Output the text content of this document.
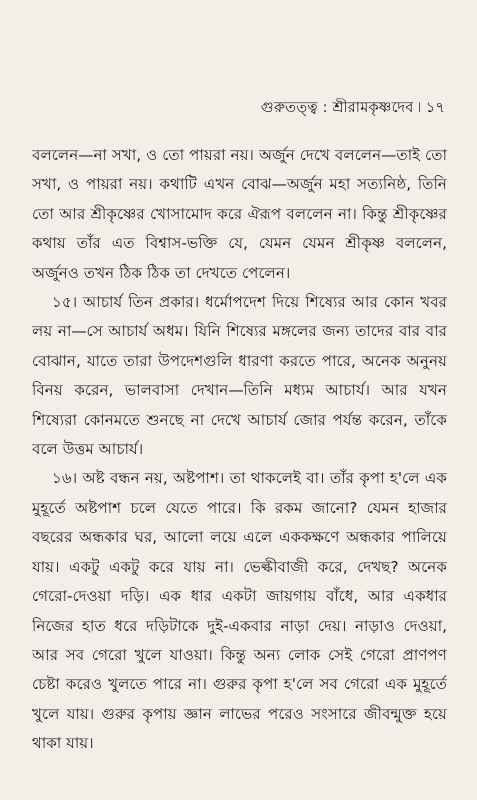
গুরুতত্ত্ব : শ্রীরামকৃষ্ণদেব ৷ ১৭

বললেন—না সখা, ও তো পায়রা নয়। অর্জুন দেখে বললেন—তাই তো সখা, ও পায়রা নয়। কথাটি এখন বোঝ—অর্জুন মহা সত্যনিষ্ঠ, তিনি তো আর শ্রীকৃষ্ণের খোসামোদ করে ঐরূপ বললেন না। কিন্তু শ্রীকৃষ্ণের কথায় তাঁর এত বিশ্বাস-ভক্তি যে, যেমন যেমন শ্রীকৃষ্ণ বললেন, অর্জুনও তখন ঠিক ঠিক তা দেখতে পেলেন।

১৫। আচার্য তিন প্রকার। ধর্মোপদেশ দিয়ে শিষ্যের আর কোন খবর লয় না—সে আচার্য অধম। যিনি শিষ্যের মঙ্গলের জন্য তাদের বার বার বোঝান, যাতে তারা উপদেশগুলি ধারণা করতে পারে, অনেক অনুনয় বিনয় করেন, ভালবাসা দেখান—তিনি মধ্যম আচার্য। আর যখন শিষ্যেরা কোনমতে শুনছে না দেখে আচার্য জোর পর্যন্ত করেন, তাঁকে বলে উত্তম আচার্য।

১৬। অষ্ট বন্ধন নয়, অষ্টপাশ। তা থাকলেই বা। তাঁর কৃপা হ'লে এক মুহূর্তে অষ্টপাশ চলে যেতে পারে। কি রকম জানো? যেমন হাজার বছরের অন্ধকার ঘর, আলো লয়ে এলে এককক্ষণে অন্ধকার পালিয়ে যায়। একটু একটু করে যায় না। ভেল্কীবাজী করে, দেখছ? অনেক গেরো-দেওয়া দড়ি। এক ধার একটা জায়গায় বাঁধে, আর একধার নিজের হাত ধরে দড়িটাকে দুই-একবার নাড়া দেয়। নাড়াও দেওয়া, আর সব গেরো খুলে যাওয়া। কিন্তু অন্য লোক সেই গেরো প্রাণপণ চেষ্টা করেও খুলতে পারে না। গুরুর কৃপা হ'লে সব গেরো এক মুহূর্তে খুলে যায়। গুরুর কৃপায় জ্ঞান লাভের পরেও সংসারে জীবন্মুক্ত হয়ে থাকা যায়।
